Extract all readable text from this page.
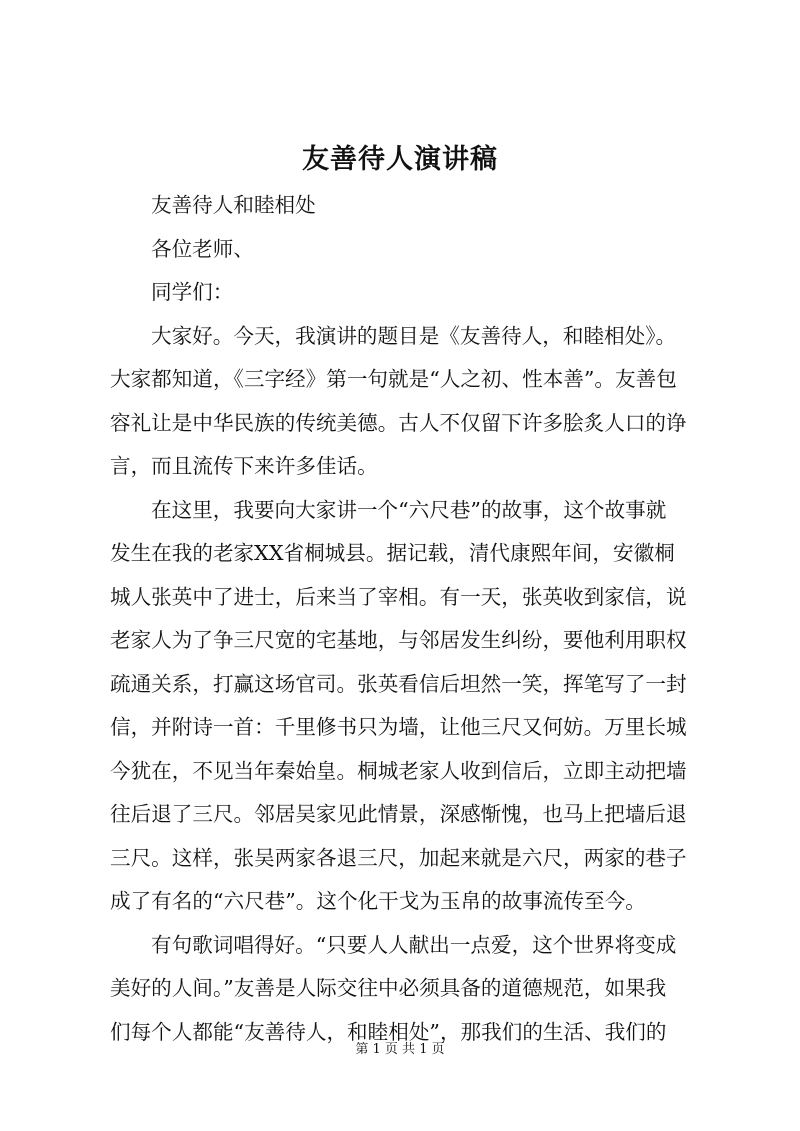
友善待人演讲稿
友善待人和睦相处
各位老师、
同学们：
大家好。今天，我演讲的题目是《友善待人，和睦相处》。
大家都知道，《三字经》第一句就是“人之初、性本善”。友善包
容礼让是中华民族的传统美德。古人不仅留下许多脍炙人口的诤
言，而且流传下来许多佳话。
在这里，我要向大家讲一个“六尺巷”的故事，这个故事就
发生在我的老家XX省桐城县。据记载，清代康熙年间，安徽桐
城人张英中了进士，后来当了宰相。有一天，张英收到家信，说
老家人为了争三尺宽的宅基地，与邻居发生纠纷，要他利用职权
疏通关系，打赢这场官司。张英看信后坦然一笑，挥笔写了一封
信，并附诗一首：千里修书只为墙，让他三尺又何妨。万里长城
今犹在，不见当年秦始皇。桐城老家人收到信后，立即主动把墙
往后退了三尺。邻居吴家见此情景，深感惭愧，也马上把墙后退
三尺。这样，张吴两家各退三尺，加起来就是六尺，两家的巷子
成了有名的“六尺巷”。这个化干戈为玉帛的故事流传至今。
有句歌词唱得好。“只要人人献出一点爱，这个世界将变成
美好的人间。”友善是人际交往中必须具备的道德规范，如果我
们每个人都能“友善待人，和睦相处”，那我们的生活、我们的
第 1 页 共 1 页
